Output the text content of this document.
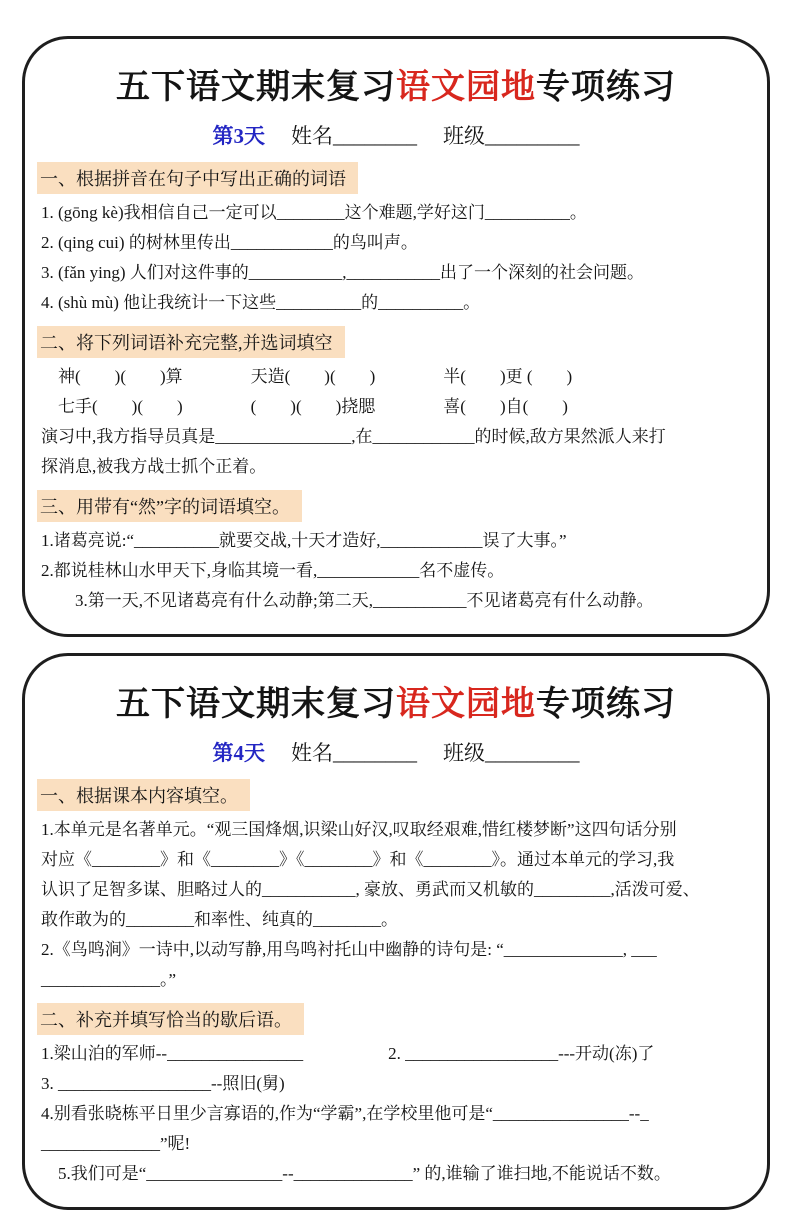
五下语文期末复习语文园地专项练习
第3天 姓名________ 班级_________
一、根据拼音在句子中写出正确的词语
1. (gōng kè)我相信自己一定可以________这个难题,学好这门__________。
2. (qing cui) 的树林里传出____________的鸟叫声。
3. (fǎn ying) 人们对这件事的___________,___________出了一个深刻的社会问题。
4. (shù mù) 他让我统计一下这些__________的__________。
二、将下列词语补充完整,并选词填空
　神(　　)(　　)算　　　　天造(　　)(　　)　　　　半(　　)更 (　　)
　七手(　　)(　　)　　　　(　　)(　　)挠腮　　　　喜(　　)自(　　)
演习中,我方指导员真是________________,在____________的时候,敌方果然派人来打
探消息,被我方战士抓个正着。
三、用带有“然”字的词语填空。
1.诸葛亮说:“__________就要交战,十天才造好,____________误了大事。”
2.都说桂林山水甲天下,身临其境一看,____________名不虚传。
　　3.第一天,不见诸葛亮有什么动静;第二天,___________不见诸葛亮有什么动静。
五下语文期末复习语文园地专项练习
第4天 姓名________ 班级_________
一、根据课本内容填空。
1.本单元是名著单元。“观三国烽烟,识梁山好汉,叹取经艰难,惜红楼梦断”这四句话分别
对应《________》和《________》《________》和《________》。通过本单元的学习,我
认识了足智多谋、胆略过人的___________, 豪放、勇武而又机敏的_________,活泼可爱、
敢作敢为的________和率性、纯真的________。
2.《鸟鸣涧》一诗中,以动写静,用鸟鸣衬托山中幽静的诗句是: “______________, ___
______________。”
二、补充并填写恰当的歇后语。
1.梁山泊的军师--________________　　　　　2. __________________---开动(冻)了
3. __________________--照旧(舅)
4.别看张晓栋平日里少言寡语的,作为“学霸”,在学校里他可是“________________--_
______________”呢!
　5.我们可是“________________--______________” 的,谁输了谁扫地,不能说话不数。
